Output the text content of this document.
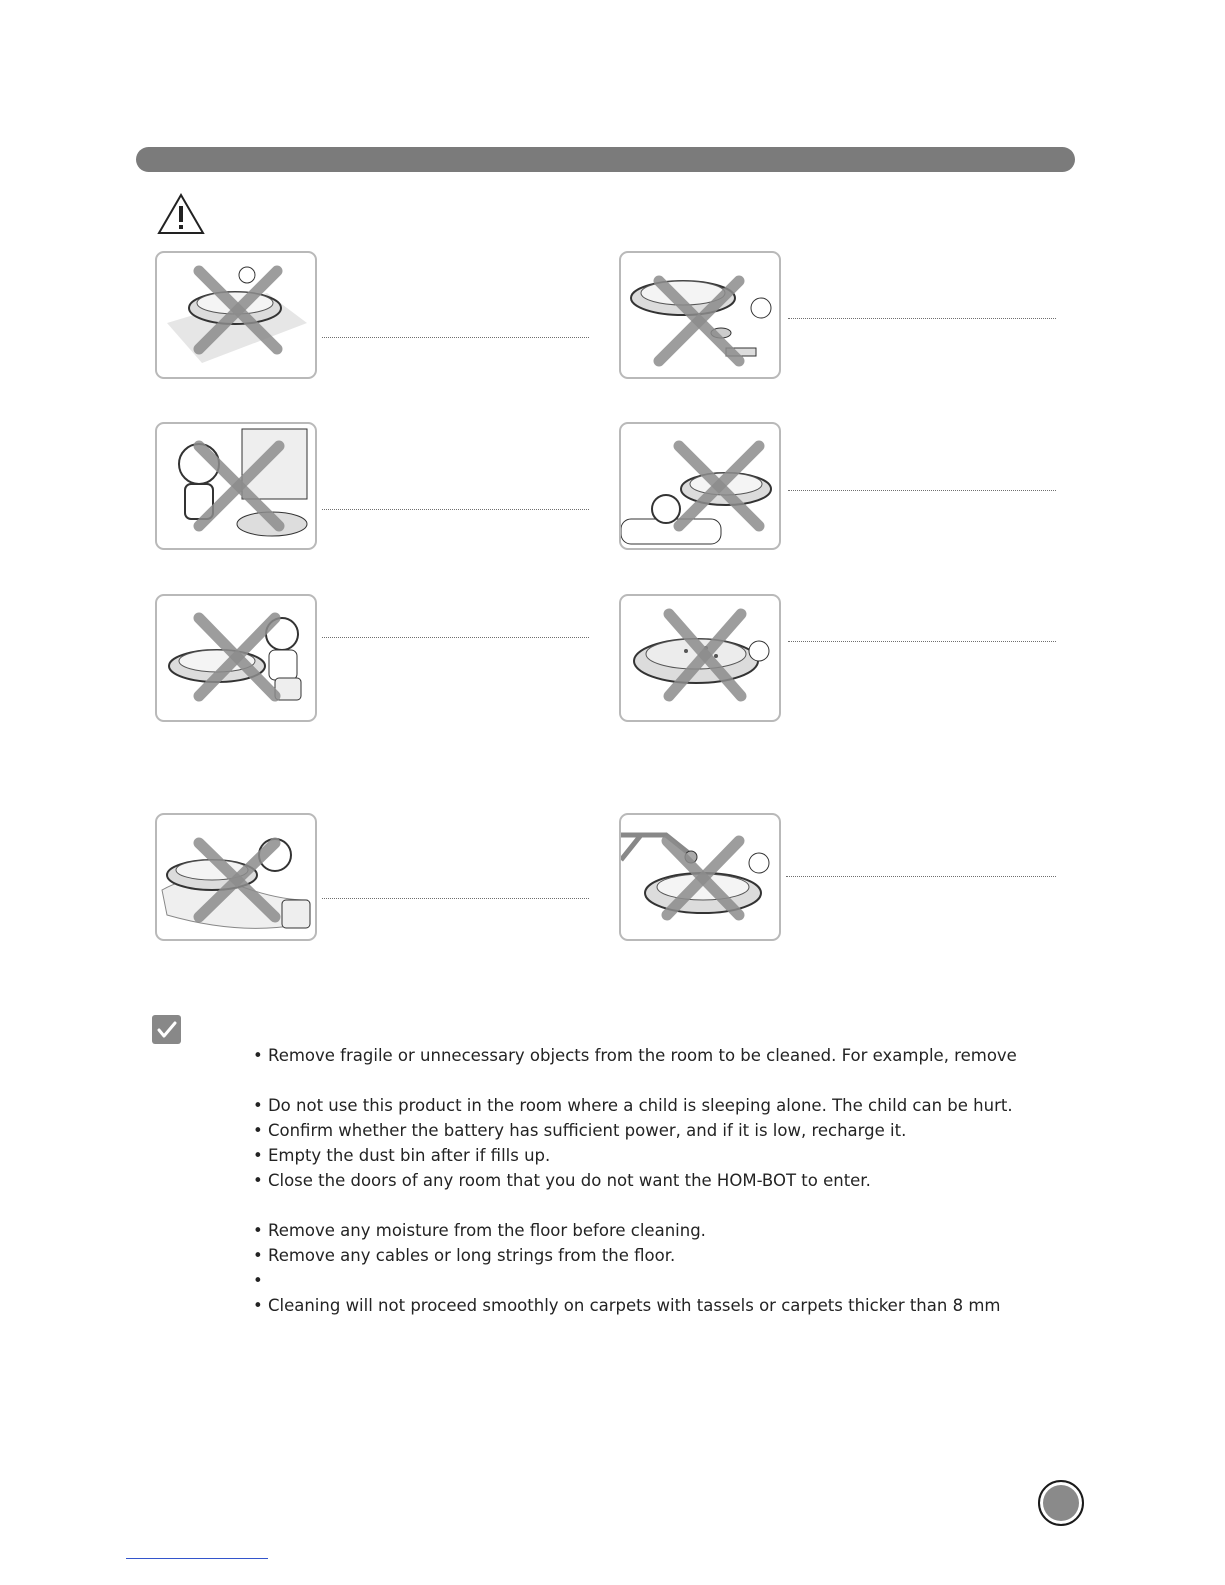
• Remove fragile or unnecessary objects from the room to be cleaned. For example, remove
• Do not use this product in the room where a child is sleeping alone. The child can be hurt.
• Confirm whether the battery has sufficient power, and if it is low, recharge it.
• Empty the dust bin after if fills up.
• Close the doors of any room that you do not want the HOM-BOT to enter.
• Remove any moisture from the floor before cleaning.
• Remove any cables or long strings from the floor.
•
• Cleaning will not proceed smoothly on carpets with tassels or carpets thicker than 8 mm
